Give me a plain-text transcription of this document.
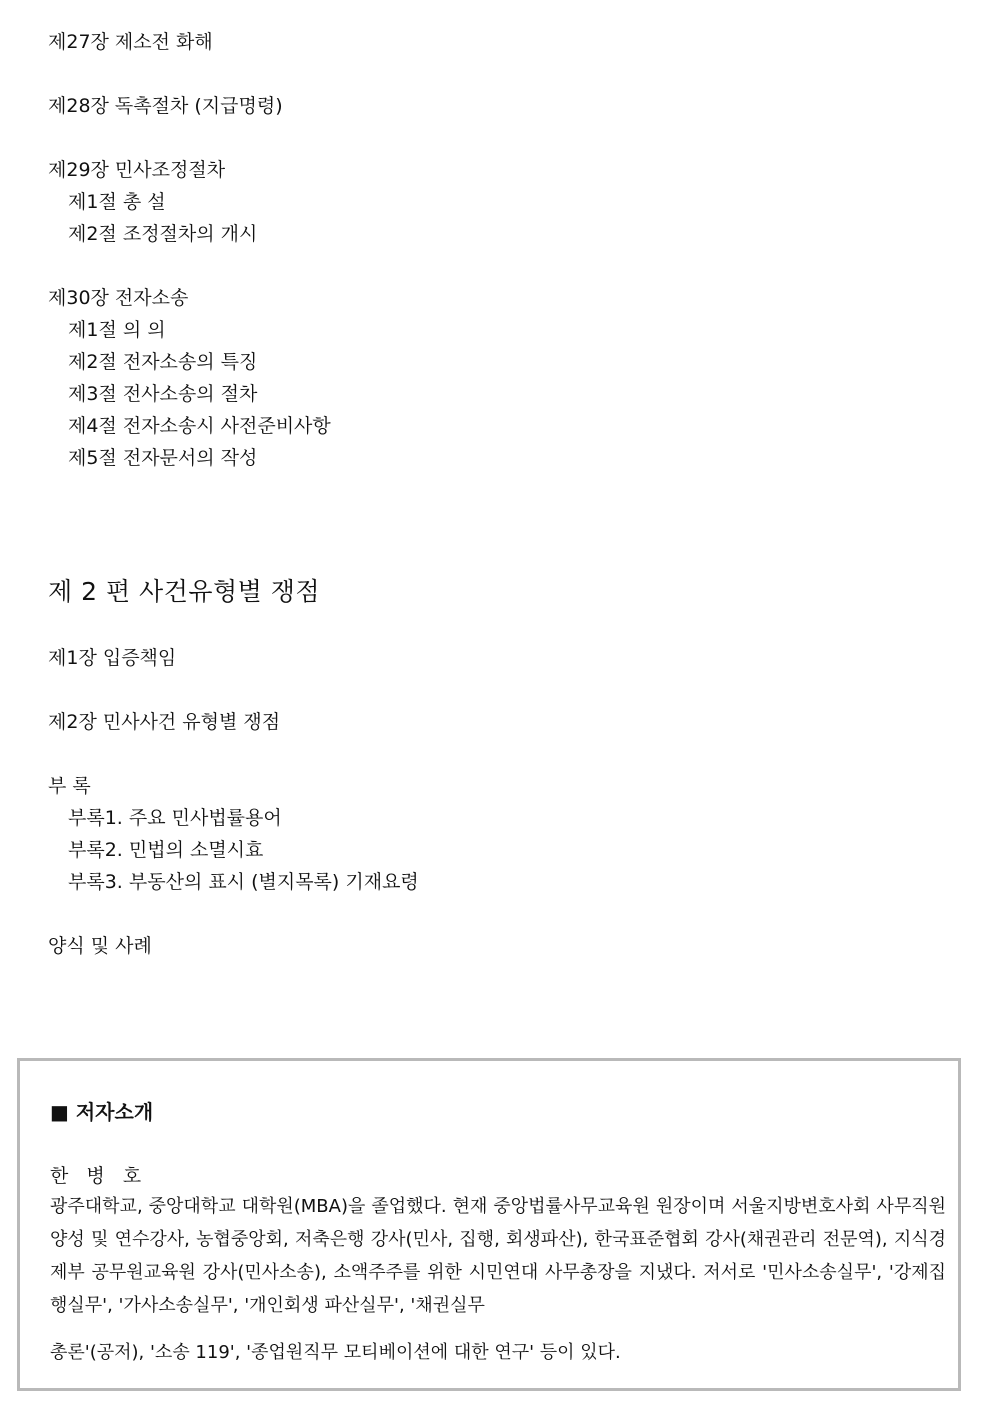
제27장 제소전 화해
제28장 독촉절차 (지급명령)
제29장 민사조정절차
제1절 총 설
제2절 조정절차의 개시
제30장 전자소송
제1절 의 의
제2절 전자소송의 특징
제3절 전사소송의 절차
제4절 전자소송시 사전준비사항
제5절 전자문서의 작성
제 2 편 사건유형별 쟁점
제1장 입증책임
제2장 민사사건 유형별 쟁점
부 록
부록1. 주요 민사법률용어
부록2. 민법의 소멸시효
부록3. 부동산의 표시 (별지목록) 기재요령
양식 및 사례
■ 저자소개
한 병 호

광주대학교, 중앙대학교 대학원(MBA)을 졸업했다. 현재 중앙법률사무교육원 원장이며 서울지방변호사회 사무직원 양성 및 연수강사, 농협중앙회, 저축은행 강사(민사, 집행, 회생파산), 한국표준협회 강사(채권관리 전문역), 지식경제부 공무원교육원 강사(민사소송), 소액주주를 위한 시민연대 사무총장을 지냈다. 저서로 '민사소송실무', '강제집행실무', '가사소송실무', '개인회생 파산실무', '채권실무
총론'(공저), '소송 119', '종업원직무 모티베이션에 대한 연구' 등이 있다.
